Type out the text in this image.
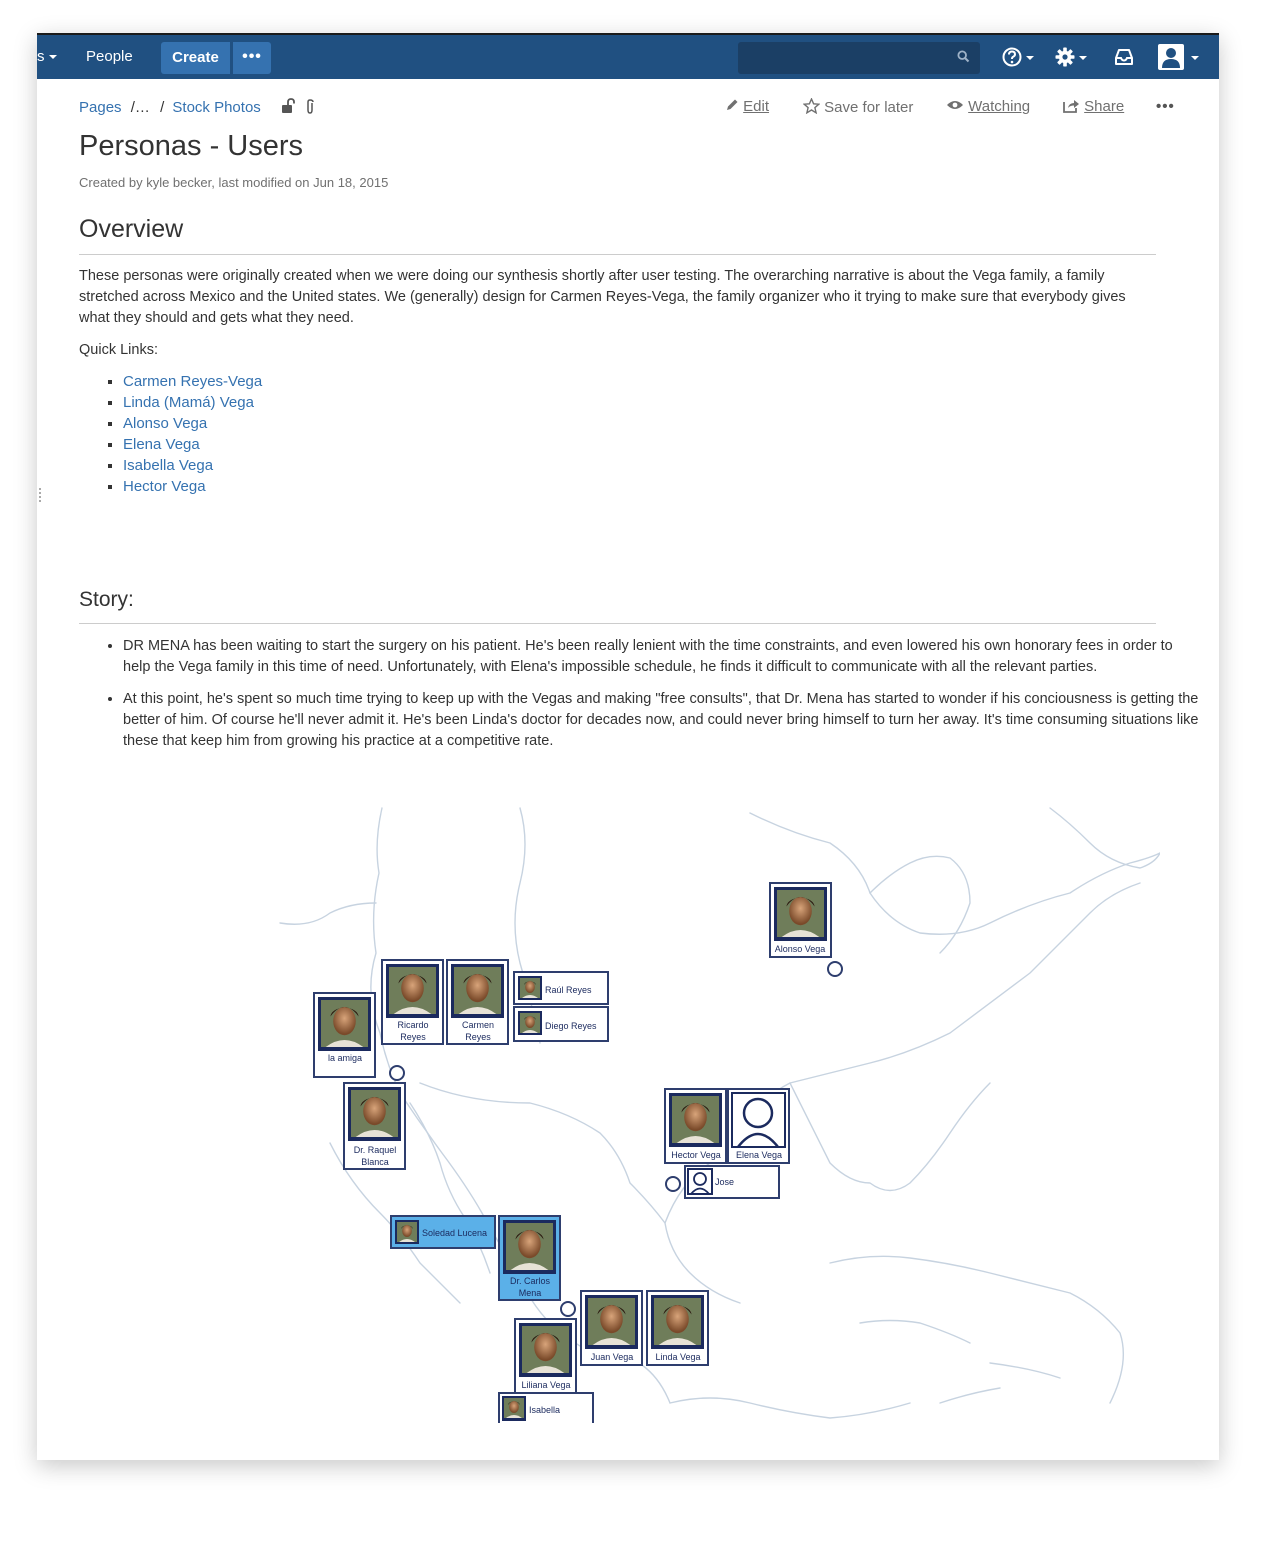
s	People	Create	•••
Pages /… / Stock Photos	Edit	Save for later	Watching	Share •••
Personas - Users
Created by kyle becker, last modified on Jun 18, 2015
Overview

These personas were originally created when we were doing our synthesis shortly after user testing. The overarching narrative is about the Vega family, a family stretched across Mexico and the United states. We (generally) design for Carmen Reyes-Vega, the family organizer who it trying to make sure that everybody gives what they should and gets what they need.

Quick Links:

▪ Carmen Reyes-Vega
▪ Linda (Mamá) Vega
▪ Alonso Vega
▪ Elena Vega
▪ Isabella Vega
▪ Hector Vega
Story:
• DR MENA has been waiting to start the surgery on his patient. He's been really lenient with the time constraints, and even lowered his own honorary fees in order to help the Vega family in this time of need. Unfortunately, with Elena's impossible schedule, he finds it difficult to communicate with all the relevant parties.
• At this point, he's spent so much time trying to keep up with the Vegas and making "free consults", that Dr. Mena has started to wonder if his conciousness is getting the better of him. Of course he'll never admit it. He's been Linda's doctor for decades now, and could never bring himself to turn her away. It's time consuming situations like these that keep him from growing his practice at a competitive rate.
Alonso Vega
Raúl Reyes
Diego Reyes
Ricardo
Reyes
Carmen
Reyes
la amiga
Dr. Raquel
Blanca
Hector Vega Elena Vega
Jose
Soledad Lucena
Dr. Carlos
Mena
Juan Vega Linda Vega
Liliana Vega
Isabella
